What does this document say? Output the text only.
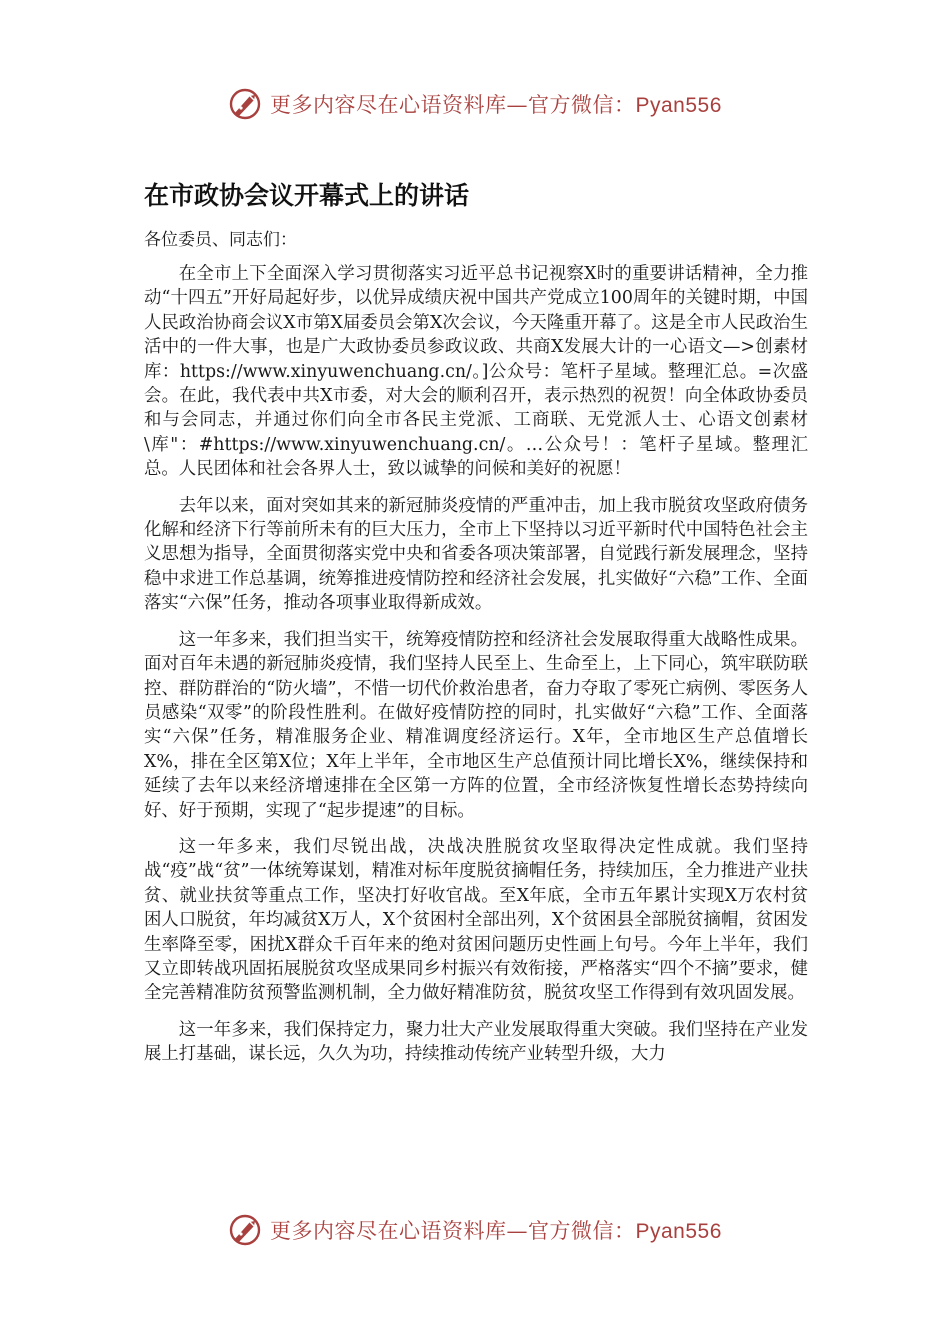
更多内容尽在心语资料库—官方微信：Pyan556
在市政协会议开幕式上的讲话

各位委员、同志们：

在全市上下全面深入学习贯彻落实习近平总书记视察X时的重要讲话精神，全力推动“十四五”开好局起好步，以优异成绩庆祝中国共产党成立100周年的关键时期，中国人民政治协商会议X市第X届委员会第X次会议，今天隆重开幕了。这是全市人民政治生活中的一件大事，也是广大政协委员参政议政、共商X发展大计的一心语文—>创素材库：https://www.xinyuwenchuang.cn/。]公众号：笔杆子星域。整理汇总。=次盛会。在此，我代表中共X市委，对大会的顺利召开，表示热烈的祝贺！向全体政协委员和与会同志，并通过你们向全市各民主党派、工商联、无党派人士、心语文创素材\库"：#https://www.xinyuwenchuang.cn/。…公众号！：笔杆子星域。整理汇总。人民团体和社会各界人士，致以诚挚的问候和美好的祝愿！

去年以来，面对突如其来的新冠肺炎疫情的严重冲击，加上我市脱贫攻坚政府债务化解和经济下行等前所未有的巨大压力，全市上下坚持以习近平新时代中国特色社会主义思想为指导，全面贯彻落实党中央和省委各项决策部署，自觉践行新发展理念，坚持稳中求进工作总基调，统筹推进疫情防控和经济社会发展，扎实做好“六稳”工作、全面落实“六保”任务，推动各项事业取得新成效。

这一年多来，我们担当实干，统筹疫情防控和经济社会发展取得重大战略性成果。面对百年未遇的新冠肺炎疫情，我们坚持人民至上、生命至上，上下同心，筑牢联防联控、群防群治的“防火墙”，不惜一切代价救治患者，奋力夺取了零死亡病例、零医务人员感染“双零”的阶段性胜利。在做好疫情防控的同时，扎实做好“六稳”工作、全面落实“六保”任务，精准服务企业、精准调度经济运行。X年，全市地区生产总值增长X%，排在全区第X位；X年上半年，全市地区生产总值预计同比增长X%，继续保持和延续了去年以来经济增速排在全区第一方阵的位置，全市经济恢复性增长态势持续向好、好于预期，实现了“起步提速”的目标。

这一年多来，我们尽锐出战，决战决胜脱贫攻坚取得决定性成就。我们坚持战“疫”战“贫”一体统筹谋划，精准对标年度脱贫摘帽任务，持续加压，全力推进产业扶贫、就业扶贫等重点工作，坚决打好收官战。至X年底，全市五年累计实现X万农村贫困人口脱贫，年均减贫X万人，X个贫困村全部出列，X个贫困县全部脱贫摘帽，贫困发生率降至零，困扰X群众千百年来的绝对贫困问题历史性画上句号。今年上半年，我们又立即转战巩固拓展脱贫攻坚成果同乡村振兴有效衔接，严格落实“四个不摘”要求，健全完善精准防贫预警监测机制，全力做好精准防贫，脱贫攻坚工作得到有效巩固发展。

这一年多来，我们保持定力，聚力壮大产业发展取得重大突破。我们坚持在产业发展上打基础，谋长远，久久为功，持续推动传统产业转型升级，大力

更多内容尽在心语资料库—官方微信：Pyan556
